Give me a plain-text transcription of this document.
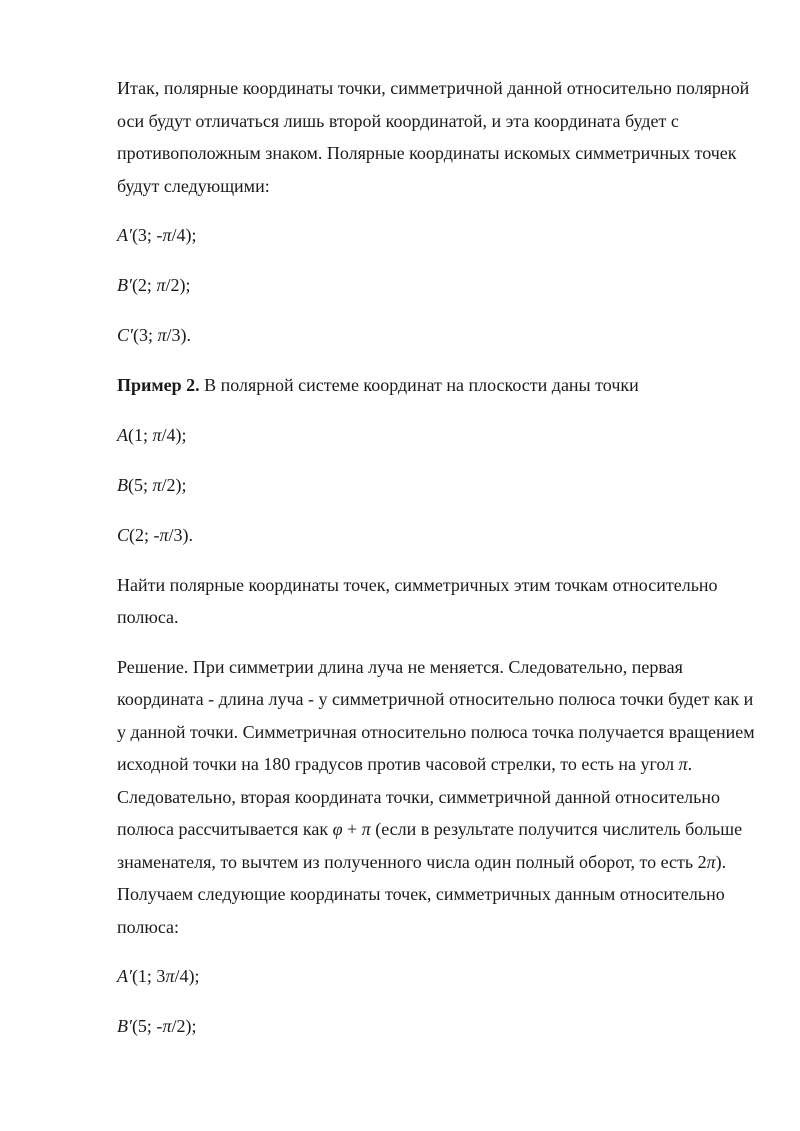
Итак, полярные координаты точки, симметричной данной относительно полярной оси будут отличаться лишь второй координатой, и эта координата будет с противоположным знаком. Полярные координаты искомых симметричных точек будут следующими:

A′(3; -π/4);

B′(2; π/2);

C′(3; π/3).

Пример 2. В полярной системе координат на плоскости даны точки

A(1; π/4);

B(5; π/2);

C(2; -π/3).

Найти полярные координаты точек, симметричных этим точкам относительно полюса.

Решение. При симметрии длина луча не меняется. Следовательно, первая координата - длина луча - у симметричной относительно полюса точки будет как и у данной точки. Симметричная относительно полюса точка получается вращением исходной точки на 180 градусов против часовой стрелки, то есть на угол π. Следовательно, вторая координата точки, симметричной данной относительно полюса рассчитывается как φ + π (если в результате получится числитель больше знаменателя, то вычтем из полученного числа один полный оборот, то есть 2π). Получаем следующие координаты точек, симметричных данным относительно полюса:

A′(1; 3π/4);

B′(5; -π/2);
